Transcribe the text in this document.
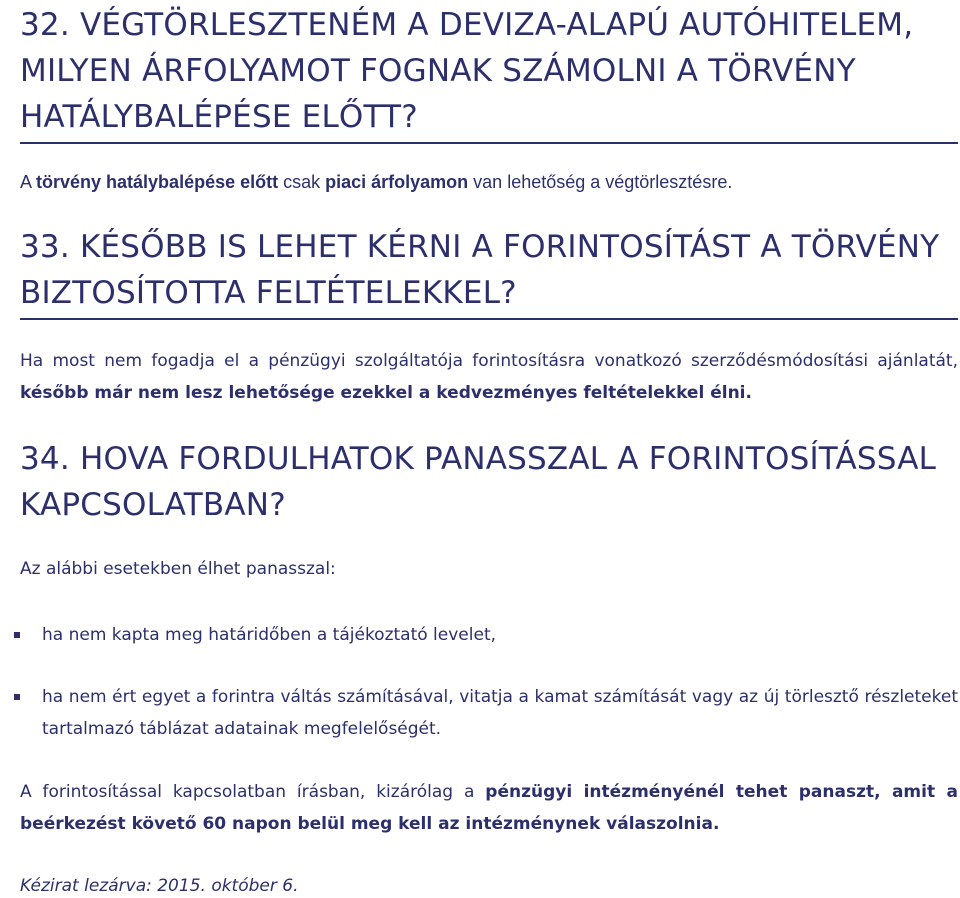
32. VÉGTÖRLESZTENÉM A DEVIZA-ALAPÚ AUTÓHITELEM, MILYEN ÁRFOLYAMOT FOGNAK SZÁMOLNI A TÖRVÉNY HATÁLYBALÉPÉSE ELŐTT?

A törvény hatálybalépése előtt csak piaci árfolyamon van lehetőség a végtörlesztésre.

33. KÉSŐBB IS LEHET KÉRNI A FORINTOSÍTÁST A TÖRVÉNY BIZTOSÍTOTTA FELTÉTELEKKEL?

Ha most nem fogadja el a pénzügyi szolgáltatója forintosításra vonatkozó szerződésmódosítási ajánlatát, később már nem lesz lehetősége ezekkel a kedvezményes feltételekkel élni.

34. HOVA FORDULHATOK PANASSZAL A FORINTOSÍTÁSSAL KAPCSOLATBAN?

Az alábbi esetekben élhet panasszal:

ha nem kapta meg határidőben a tájékoztató levelet,
ha nem ért egyet a forintra váltás számításával, vitatja a kamat számítását vagy az új törlesztő részleteket tartalmazó táblázat adatainak megfelelőségét.

A forintosítással kapcsolatban írásban, kizárólag a pénzügyi intézményénél tehet panaszt, amit a beérkezést követő 60 napon belül meg kell az intézménynek válaszolnia.

Kézirat lezárva: 2015. október 6.
